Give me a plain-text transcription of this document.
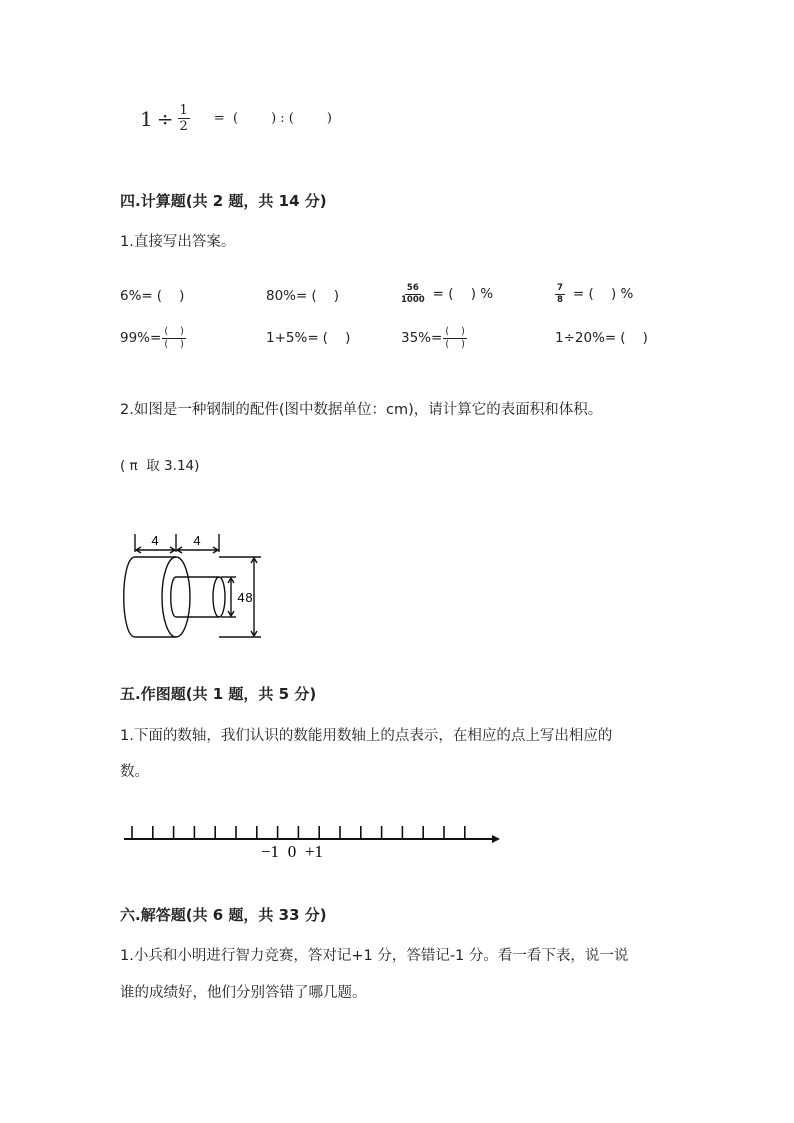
$1 \div \frac{1}{2}$ =  (        ) : (        )
四.计算题(共 2 题，共 14 分)
1.直接写出答案。
6%= (    )	80%= (    )	$\frac{56}{1000}$ = (    ) %	$\frac{7}{8}$ = (    ) %
$99\%= \frac{( )}{( )}$	1+5%= (    )	$35\%= \frac{( )}{( )}$	1÷20%= (    )
2.如图是一种钢制的配件(图中数据单位：cm)，请计算它的表面积和体积。
( π  取 3.14)
4	4
4 8
五.作图题(共 1 题，共 5 分)
1.下面的数轴，我们认识的数能用数轴上的点表示，在相应的点上写出相应的
数。
−1 0 +1
六.解答题(共 6 题，共 33 分)
1.小兵和小明进行智力竞赛，答对记+1 分，答错记-1 分。看一看下表，说一说
谁的成绩好，他们分别答错了哪几题。
